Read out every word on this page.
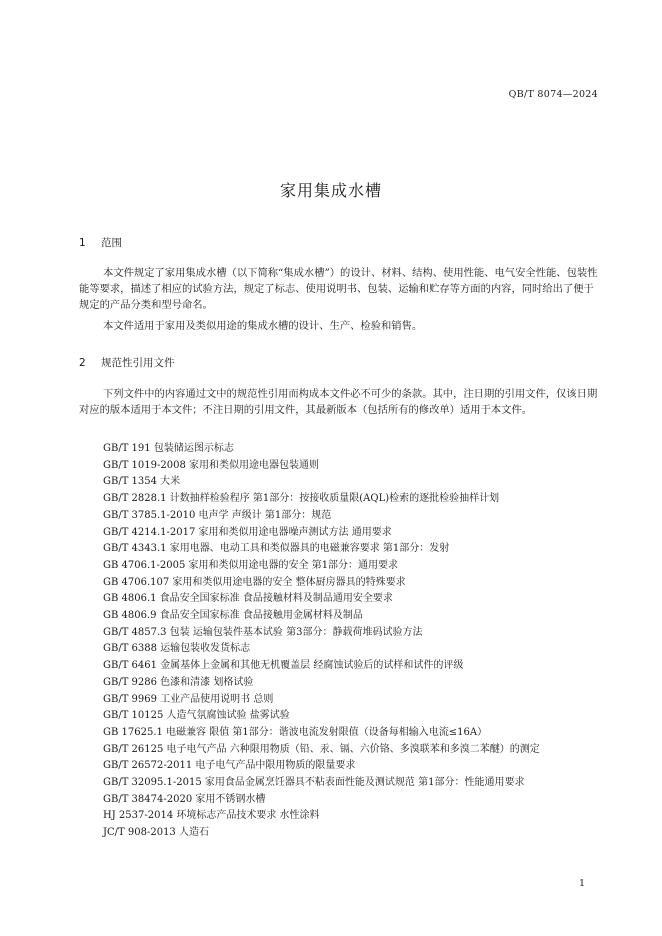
QB/T 8074—2024
家用集成水槽
1 范围
本文件规定了家用集成水槽（以下简称“集成水槽”）的设计、材料、结构、使用性能、电气安全性能、包装性能等要求，描述了相应的试验方法，规定了标志、使用说明书、包装、运输和贮存等方面的内容，同时给出了便于规定的产品分类和型号命名。
本文件适用于家用及类似用途的集成水槽的设计、生产、检验和销售。
2 规范性引用文件
下列文件中的内容通过文中的规范性引用而构成本文件必不可少的条款。其中，注日期的引用文件，仅该日期对应的版本适用于本文件；不注日期的引用文件，其最新版本（包括所有的修改单）适用于本文件。
GB/T 191 包装储运图示标志
GB/T 1019-2008 家用和类似用途电器包装通则
GB/T 1354 大米
GB/T 2828.1 计数抽样检验程序 第1部分：按接收质量限(AQL)检索的逐批检验抽样计划
GB/T 3785.1-2010 电声学 声级计 第1部分：规范
GB/T 4214.1-2017 家用和类似用途电器噪声测试方法 通用要求
GB/T 4343.1 家用电器、电动工具和类似器具的电磁兼容要求 第1部分：发射
GB 4706.1-2005 家用和类似用途电器的安全 第1部分：通用要求
GB 4706.107 家用和类似用途电器的安全 整体厨房器具的特殊要求
GB 4806.1 食品安全国家标准 食品接触材料及制品通用安全要求
GB 4806.9 食品安全国家标准 食品接触用金属材料及制品
GB/T 4857.3 包装 运输包装件基本试验 第3部分：静载荷堆码试验方法
GB/T 6388 运输包装收发货标志
GB/T 6461 金属基体上金属和其他无机覆盖层 经腐蚀试验后的试样和试件的评级
GB/T 9286 色漆和清漆 划格试验
GB/T 9969 工业产品使用说明书 总则
GB/T 10125 人造气氛腐蚀试验 盐雾试验
GB 17625.1 电磁兼容 限值 第1部分：谐波电流发射限值（设备每相输入电流≤16A）
GB/T 26125 电子电气产品 六种限用物质（铅、汞、镉、六价铬、多溴联苯和多溴二苯醚）的测定
GB/T 26572-2011 电子电气产品中限用物质的限量要求
GB/T 32095.1-2015 家用食品金属烹饪器具不粘表面性能及测试规范 第1部分：性能通用要求
GB/T 38474-2020 家用不锈钢水槽
HJ 2537-2014 环境标志产品技术要求 水性涂料
JC/T 908-2013 人造石
1
